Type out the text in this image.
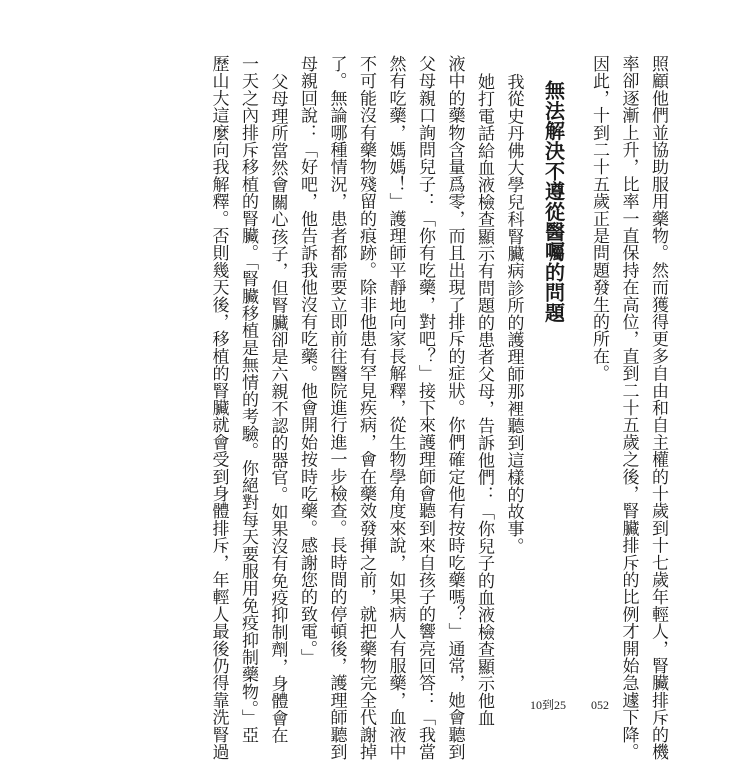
照顧他們並協助服用藥物。然而獲得更多自由和自主權的十歲到十七歲年輕人，腎臟排斥的機
率卻逐漸上升，比率一直保持在高位，直到二十五歲之後，腎臟排斥的比例才開始急遽下降。
因此，十到二十五歲正是問題發生的所在。
無法解決不遵從醫囑的問題
我從史丹佛大學兒科腎臟病診所的護理師那裡聽到這樣的故事。
她打電話給血液檢查顯示有問題的患者父母，告訴他們：「你兒子的血液檢查顯示他血
液中的藥物含量爲零，而且出現了排斥的症狀。你們確定他有按時吃藥嗎？」通常，她會聽到
父母親口詢問兒子：「你有吃藥，對吧？」接下來護理師會聽到來自孩子的響亮回答：「我當
然有吃藥，媽媽！」護理師平靜地向家長解釋，從生物學角度來說，如果病人有服藥，血液中
不可能沒有藥物殘留的痕跡。除非他患有罕見疾病，會在藥效發揮之前，就把藥物完全代謝掉
了。無論哪種情況，患者都需要立即前往醫院進行進一步檢查。長時間的停頓後，護理師聽到
母親回說：「好吧，他告訴我他沒有吃藥。他會開始按時吃藥。感謝您的致電。」
父母理所當然會關心孩子，但腎臟卻是六親不認的器官。如果沒有免疫抑制劑，身體會在
一天之內排斥移植的腎臟。「腎臟移植是無情的考驗。你絕對每天要服用免疫抑制藥物。」亞
歷山大這麼向我解釋。否則幾天後，移植的腎臟就會受到身體排斥，年輕人最後仍得靠洗腎過	10到25 052
